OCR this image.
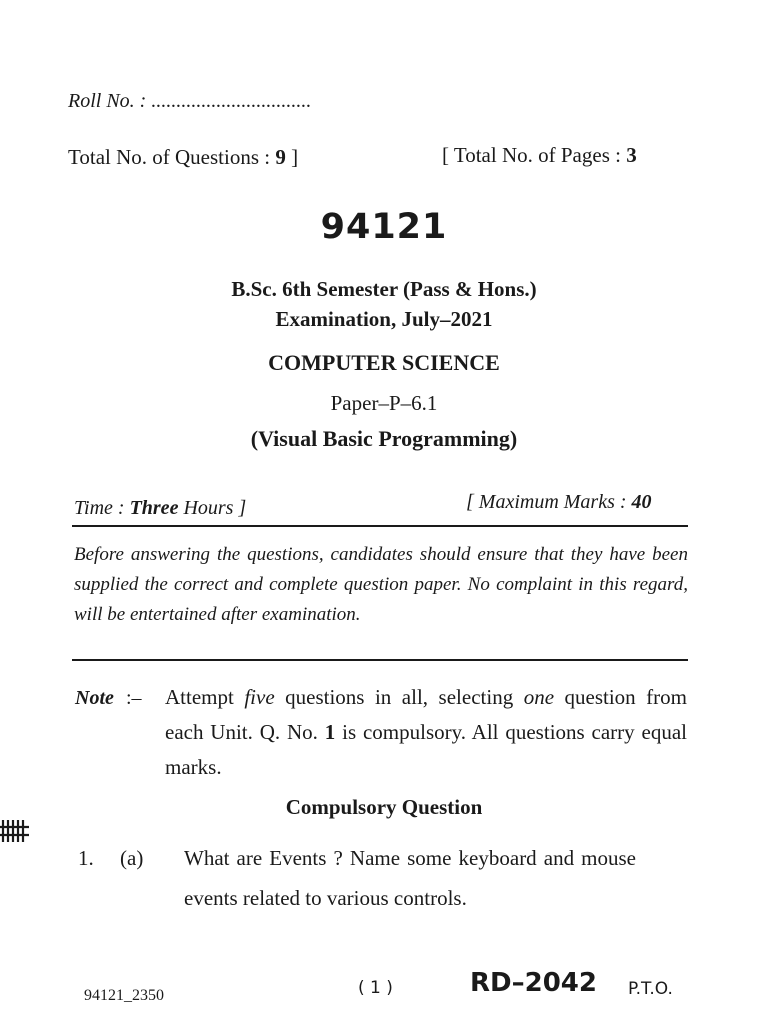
Roll No. : ................................
Total No. of Questions : 9 ]	[ Total No. of Pages : 3
94121
B.Sc. 6th Semester (Pass & Hons.)
Examination, July–2021
COMPUTER SCIENCE
Paper–P–6.1
(Visual Basic Programming)
Time : Three Hours ]	[ Maximum Marks : 40
Before answering the questions, candidates should ensure that they have been supplied the correct and complete question paper. No complaint in this regard, will be entertained after examination.
Note :– Attempt five questions in all, selecting one question from each Unit. Q. No. 1 is compulsory. All questions carry equal marks.
Compulsory Question
1. (a) What are Events ? Name some keyboard and mouse events related to various controls.
94121_2350	( 1 )	RD–2042 P.T.O.
